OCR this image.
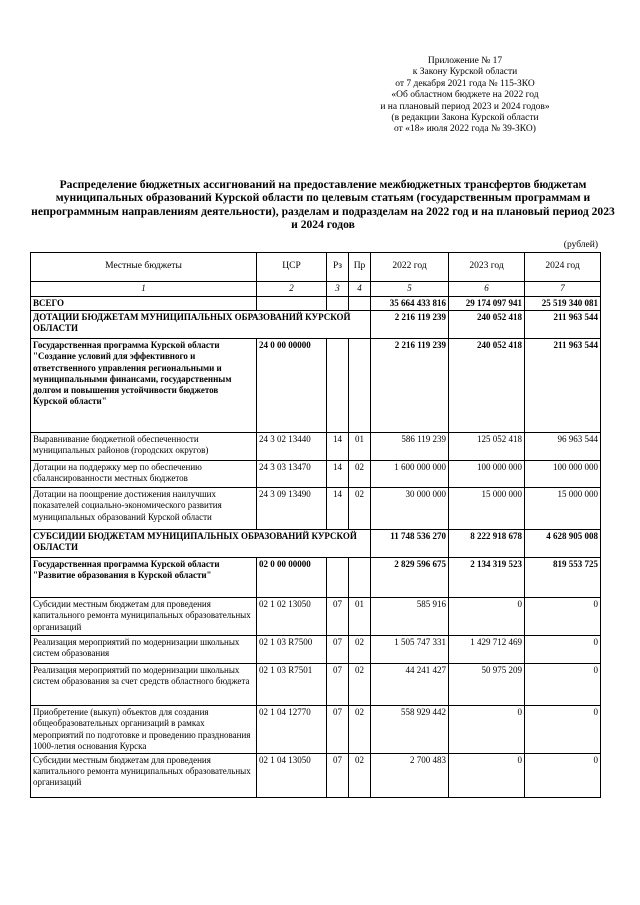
Приложение № 17
к Закону Курской области
от 7 декабря 2021 года № 115-ЗКО
«Об областном бюджете на 2022 год
и на плановый период 2023 и 2024 годов»
(в редакции Закона Курской области
от «18» июля 2022 года № 39-ЗКО)
Распределение бюджетных ассигнований на предоставление межбюджетных трансфертов бюджетам муниципальных образований Курской области по целевым статьям (государственным программам и непрограммным направлениям деятельности), разделам и подразделам на 2022 год и на плановый период 2023 и 2024 годов
(рублей)
Местные бюджеты	ЦСР	Рз	Пр	2022 год	2023 год	2024 год
1	2	3	4	5	6	7
ВСЕГО				35 664 433 816	29 174 097 941	25 519 340 081
ДОТАЦИИ БЮДЖЕТАМ МУНИЦИПАЛЬНЫХ ОБРАЗОВАНИЙ КУРСКОЙ ОБЛАСТИ				2 216 119 239	240 052 418	211 963 544
Государственная программа Курской области "Создание условий для эффективного и ответственного управления региональными и муниципальными финансами, государственным долгом и повышения устойчивости бюджетов Курской области"	24 0 00 00000			2 216 119 239	240 052 418	211 963 544
Выравнивание бюджетной обеспеченности муниципальных районов (городских округов)	24 3 02 13440	14	01	586 119 239	125 052 418	96 963 544
Дотации на поддержку мер по обеспечению сбалансированности местных бюджетов	24 3 03 13470	14	02	1 600 000 000	100 000 000	100 000 000
Дотации на поощрение достижения наилучших показателей социально-экономического развития муниципальных образований Курской области	24 3 09 13490	14	02	30 000 000	15 000 000	15 000 000
СУБСИДИИ БЮДЖЕТАМ МУНИЦИПАЛЬНЫХ ОБРАЗОВАНИЙ КУРСКОЙ ОБЛАСТИ				11 748 536 270	8 222 918 678	4 628 905 008
Государственная программа Курской области "Развитие образования в Курской области"	02 0 00 00000			2 829 596 675	2 134 319 523	819 553 725
Субсидии местным бюджетам для проведения капитального ремонта муниципальных образовательных организаций	02 1 02 13050	07	01	585 916	0	0
Реализация мероприятий по модернизации школьных систем образования	02 1 03 R7500	07	02	1 505 747 331	1 429 712 469	0
Реализация мероприятий по модернизации школьных систем образования за счет средств областного бюджета	02 1 03 R7501	07	02	44 241 427	50 975 209	0
Приобретение (выкуп) объектов для создания общеобразовательных организаций в рамках мероприятий по подготовке и проведению празднования 1000-летия основания Курска	02 1 04 12770	07	02	558 929 442	0	0
Субсидии местным бюджетам для проведения капитального ремонта муниципальных образовательных организаций	02 1 04 13050	07	02	2 700 483	0	0
